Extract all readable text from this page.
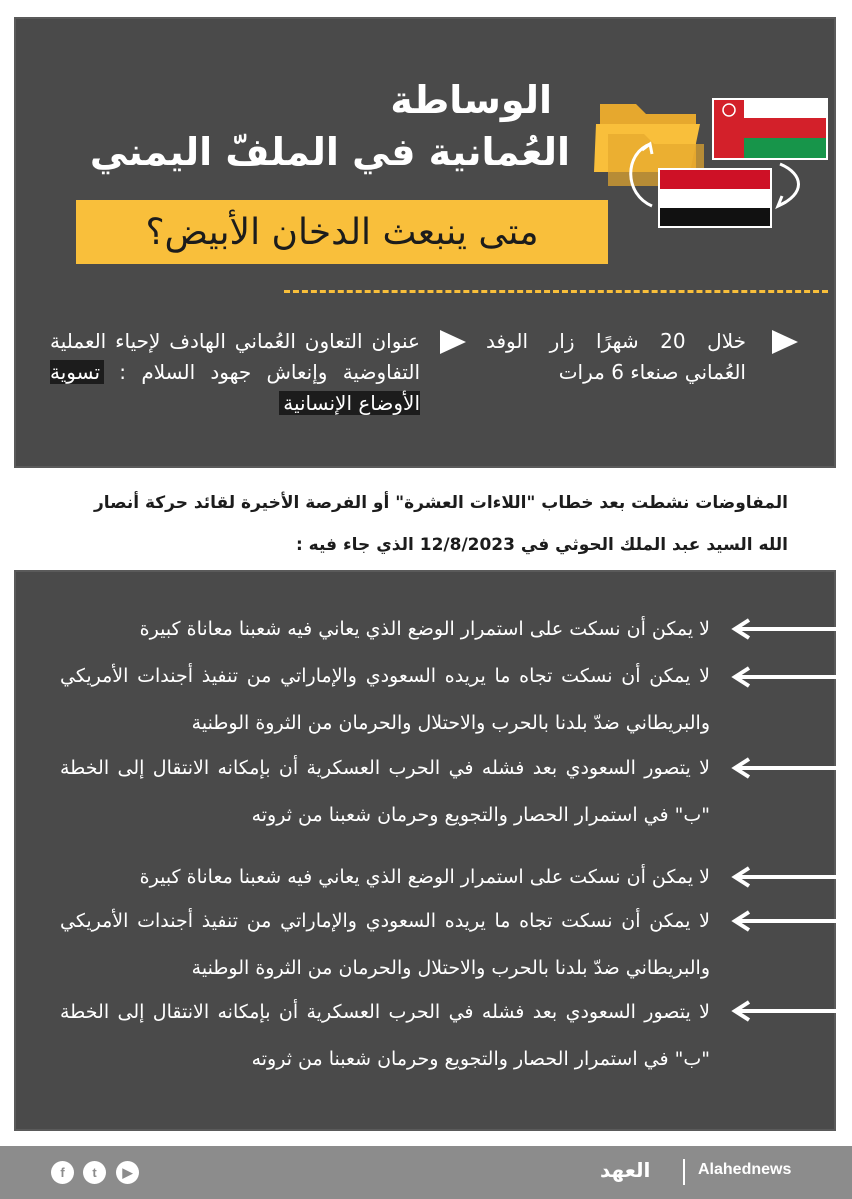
الوساطة
العُمانية في الملفّ اليمني
متى ينبعث الدخان الأبيض؟
خلال 20 شهرًا زار الوفد العُماني صنعاء 6 مرات
عنوان التعاون العُماني الهادف لإحياء العملية التفاوضية وإنعاش جهود السلام : تسوية الأوضاع الإنسانية
المفاوضات نشطت بعد خطاب "اللاءات العشرة" أو الفرصة الأخيرة لقائد حركة أنصار الله السيد عبد الملك الحوثي في 12/8/2023 الذي جاء فيه :
لا يمكن أن نسكت على استمرار الوضع الذي يعاني فيه شعبنا معاناة كبيرة
لا يمكن أن نسكت تجاه ما يريده السعودي والإماراتي من تنفيذ أجندات الأمريكي والبريطاني ضدّ بلدنا بالحرب والاحتلال والحرمان من الثروة الوطنية
لا يتصور السعودي بعد فشله في الحرب العسكرية أن بإمكانه الانتقال إلى الخطة "ب" في استمرار الحصار والتجويع وحرمان شعبنا من ثروته
لا يمكن أن نسكت على استمرار الوضع الذي يعاني فيه شعبنا معاناة كبيرة
لا يمكن أن نسكت تجاه ما يريده السعودي والإماراتي من تنفيذ أجندات الأمريكي والبريطاني ضدّ بلدنا بالحرب والاحتلال والحرمان من الثروة الوطنية
لا يتصور السعودي بعد فشله في الحرب العسكرية أن بإمكانه الانتقال إلى الخطة "ب" في استمرار الحصار والتجويع وحرمان شعبنا من ثروته
f	t	▶	العهد	Alahednews
